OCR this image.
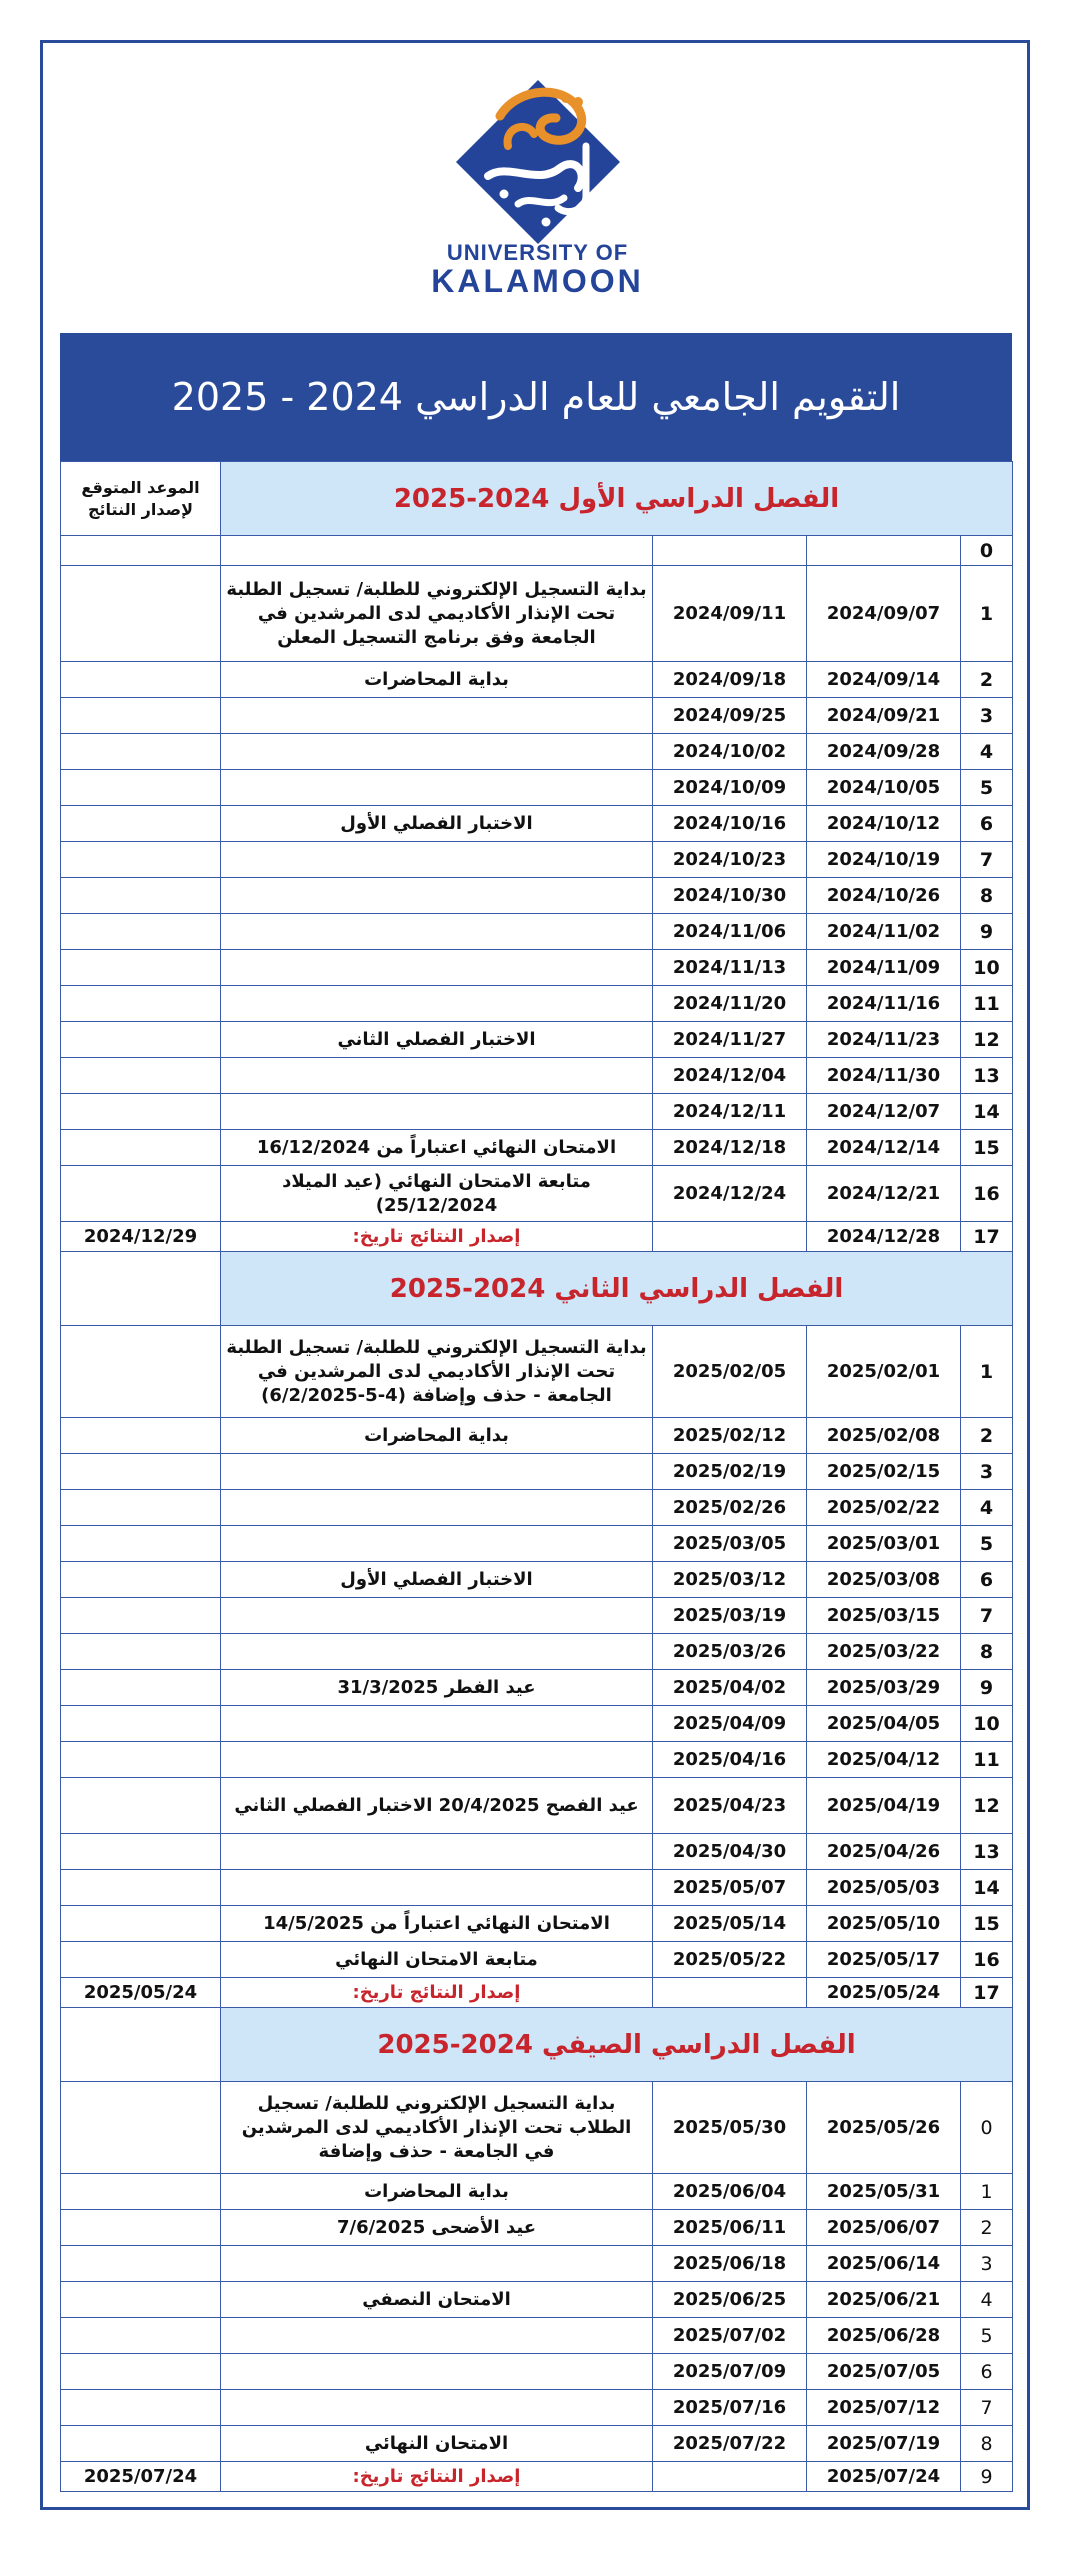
UNIVERSITY OF
KALAMOON
التقويم الجامعي للعام الدراسي 2024 - 2025
الموعد المتوقع لإصدار النتائج	الفصل الدراسي الأول 2024-2025			
				0
	بداية التسجيل الإلكتروني للطلبة/ تسجيل الطلبة تحت الإنذار الأكاديمي لدى المرشدين في الجامعة وفق برنامج التسجيل المعلن	2024/09/11	2024/09/07	1
	بداية المحاضرات	2024/09/18	2024/09/14	2
		2024/09/25	2024/09/21	3
		2024/10/02	2024/09/28	4
		2024/10/09	2024/10/05	5
	الاختبار الفصلي الأول	2024/10/16	2024/10/12	6
		2024/10/23	2024/10/19	7
		2024/10/30	2024/10/26	8
		2024/11/06	2024/11/02	9
		2024/11/13	2024/11/09	10
		2024/11/20	2024/11/16	11
	الاختبار الفصلي الثاني	2024/11/27	2024/11/23	12
		2024/12/04	2024/11/30	13
		2024/12/11	2024/12/07	14
	الامتحان النهائي اعتباراً من 16/12/2024	2024/12/18	2024/12/14	15
	متابعة الامتحان النهائي (عيد الميلاد 25/12/2024)	2024/12/24	2024/12/21	16
2024/12/29	إصدار النتائج تاريخ:		2024/12/28	17
	الفصل الدراسي الثاني 2024-2025			
	بداية التسجيل الإلكتروني للطلبة/ تسجيل الطلبة تحت الإنذار الأكاديمي لدى المرشدين في الجامعة - حذف وإضافة (4-5-6/2/2025)	2025/02/05	2025/02/01	1
	بداية المحاضرات	2025/02/12	2025/02/08	2
		2025/02/19	2025/02/15	3
		2025/02/26	2025/02/22	4
		2025/03/05	2025/03/01	5
	الاختبار الفصلي الأول	2025/03/12	2025/03/08	6
		2025/03/19	2025/03/15	7
		2025/03/26	2025/03/22	8
	عيد الفطر 31/3/2025	2025/04/02	2025/03/29	9
		2025/04/09	2025/04/05	10
		2025/04/16	2025/04/12	11
	عيد الفصح 20/4/2025 الاختبار الفصلي الثاني	2025/04/23	2025/04/19	12
		2025/04/30	2025/04/26	13
		2025/05/07	2025/05/03	14
	الامتحان النهائي اعتباراً من 14/5/2025	2025/05/14	2025/05/10	15
	متابعة الامتحان النهائي	2025/05/22	2025/05/17	16
2025/05/24	إصدار النتائج تاريخ:		2025/05/24	17
	الفصل الدراسي الصيفي 2024-2025			
	بداية التسجيل الإلكتروني للطلبة/ تسجيل الطلاب تحت الإنذار الأكاديمي لدى المرشدين في الجامعة - حذف وإضافة	2025/05/30	2025/05/26	0
	بداية المحاضرات	2025/06/04	2025/05/31	1
	عيد الأضحى 7/6/2025	2025/06/11	2025/06/07	2
		2025/06/18	2025/06/14	3
	الامتحان النصفي	2025/06/25	2025/06/21	4
		2025/07/02	2025/06/28	5
		2025/07/09	2025/07/05	6
		2025/07/16	2025/07/12	7
	الامتحان النهائي	2025/07/22	2025/07/19	8
2025/07/24	إصدار النتائج تاريخ:		2025/07/24	9
